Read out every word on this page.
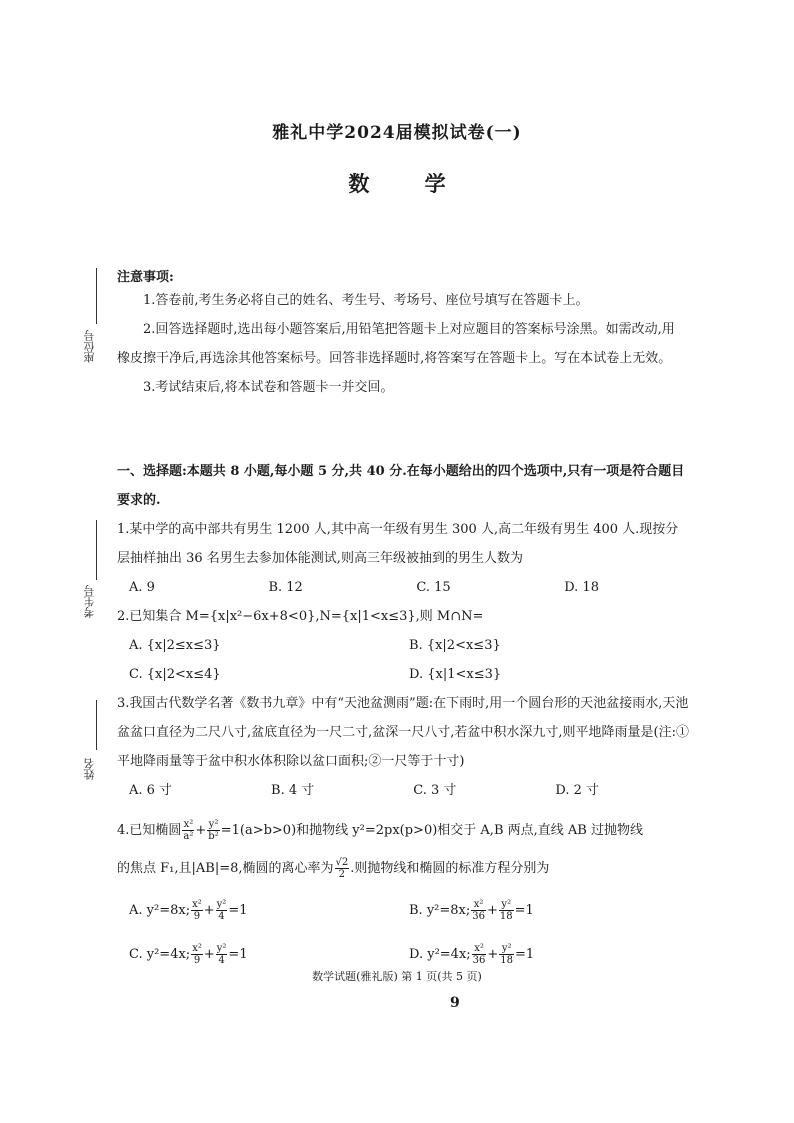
雅礼中学2024届模拟试卷(一)
数 学
座位号
考生号
姓名
注意事项:

1.答卷前,考生务必将自己的姓名、考生号、考场号、座位号填写在答题卡上。

2.回答选择题时,选出每小题答案后,用铅笔把答题卡上对应题目的答案标号涂黑。如需改动,用橡皮擦干净后,再选涂其他答案标号。回答非选择题时,将答案写在答题卡上。写在本试卷上无效。

3.考试结束后,将本试卷和答题卡一并交回。

一、选择题:本题共 8 小题,每小题 5 分,共 40 分.在每小题给出的四个选项中,只有一项是符合题目要求的.

1.某中学的高中部共有男生 1200 人,其中高一年级有男生 300 人,高二年级有男生 400 人.现按分层抽样抽出 36 名男生去参加体能测试,则高三年级被抽到的男生人数为

A. 9	B. 12	C. 15	D. 18

2.已知集合 M={x|x²−6x+8<0},N={x|1<x≤3},则 M∩N=

A. {x|2≤x≤3}	B. {x|2<x≤3}
C. {x|2<x≤4}	D. {x|1<x≤3}

3.我国古代数学名著《数书九章》中有“天池盆测雨”题:在下雨时,用一个圆台形的天池盆接雨水,天池盆盆口直径为二尺八寸,盆底直径为一尺二寸,盆深一尺八寸,若盆中积水深九寸,则平地降雨量是(注:①平地降雨量等于盆中积水体积除以盆口面积;②一尺等于十寸)

A. 6 寸	B. 4 寸	C. 3 寸	D. 2 寸

4.已知椭圆 $\frac{\text{x²}}{\text{a²}} + \frac{\text{y²}}{\text{b²}} =1(a>b>0)$和抛物线 y²=2px(p>0)相交于 A,B 两点,直线 AB 过抛物线

的焦点 F₁,且|AB|=8,椭圆的离心率为 $\frac{√2}{2}$ .则抛物线和椭圆的标准方程分别为

A. y²=8x; $\frac{\text{x²}}{9} + \frac{\text{y²}}{4} =1$	B. y²=8x; $\frac{\text{x²}}{36} + \frac{\text{y²}}{18} =1$
C. y²=4x; $\frac{\text{x²}}{9} + \frac{\text{y²}}{4} =1$	D. y²=4x; $\frac{\text{x²}}{36} + \frac{\text{y²}}{18} =1$
数学试题(雅礼版) 第 1 页(共 5 页)
9
